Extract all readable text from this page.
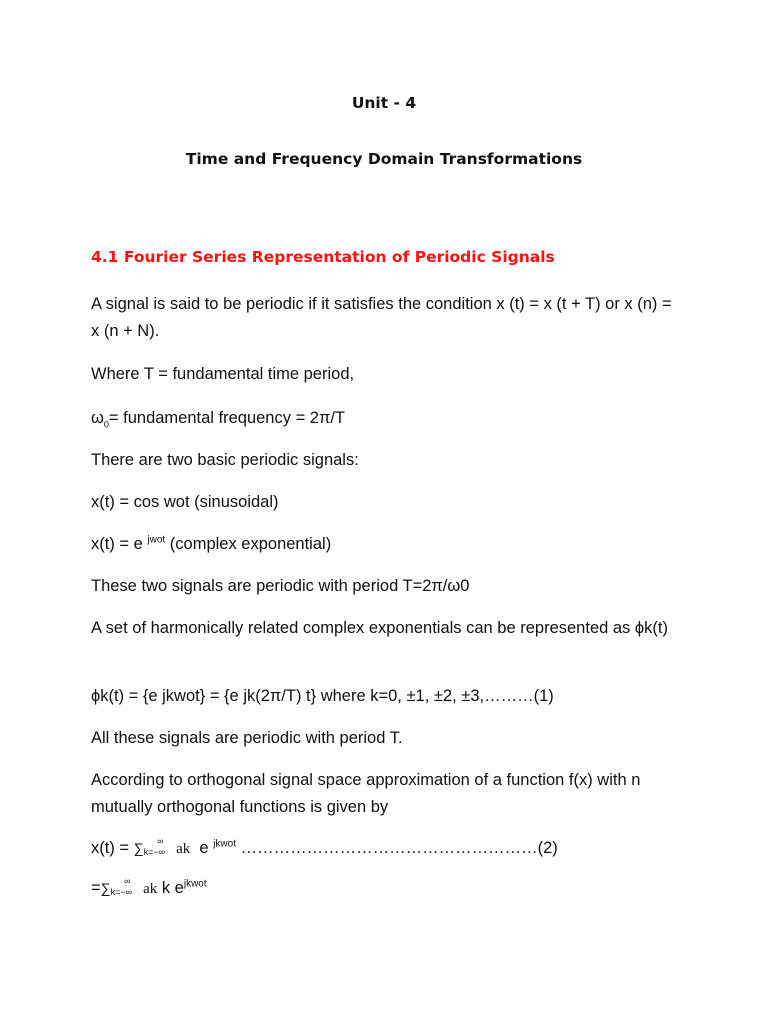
Unit - 4
Time and Frequency Domain Transformations
4.1 Fourier Series Representation of Periodic Signals
A signal is said to be periodic if it satisfies the condition x (t) = x (t + T) or x (n) = x (n + N).
Where T = fundamental time period,
$\omega_0=$ fundamental frequency = 2π/T
There are two basic periodic signals:
x(t) = cos wot (sinusoidal)
x(t) = e $^{jwot}$ (complex exponential)
These two signals are periodic with period T=2π/ω0
A set of harmonically related complex exponentials can be represented as ϕk(t)
ϕk(t) = {e jkwot} = {e jk(2π/T) t} where k=0, ±1, ±2, ±3,………(1)
All these signals are periodic with period T.
According to orthogonal signal space approximation of a function f(x) with n mutually orthogonal functions is given by
x(t) = ∑k=−∞∞ ak e $^{jkwot}$ ………………………………………………(2)
=∑k=−∞∞ ak k $e^{jkwot}$
